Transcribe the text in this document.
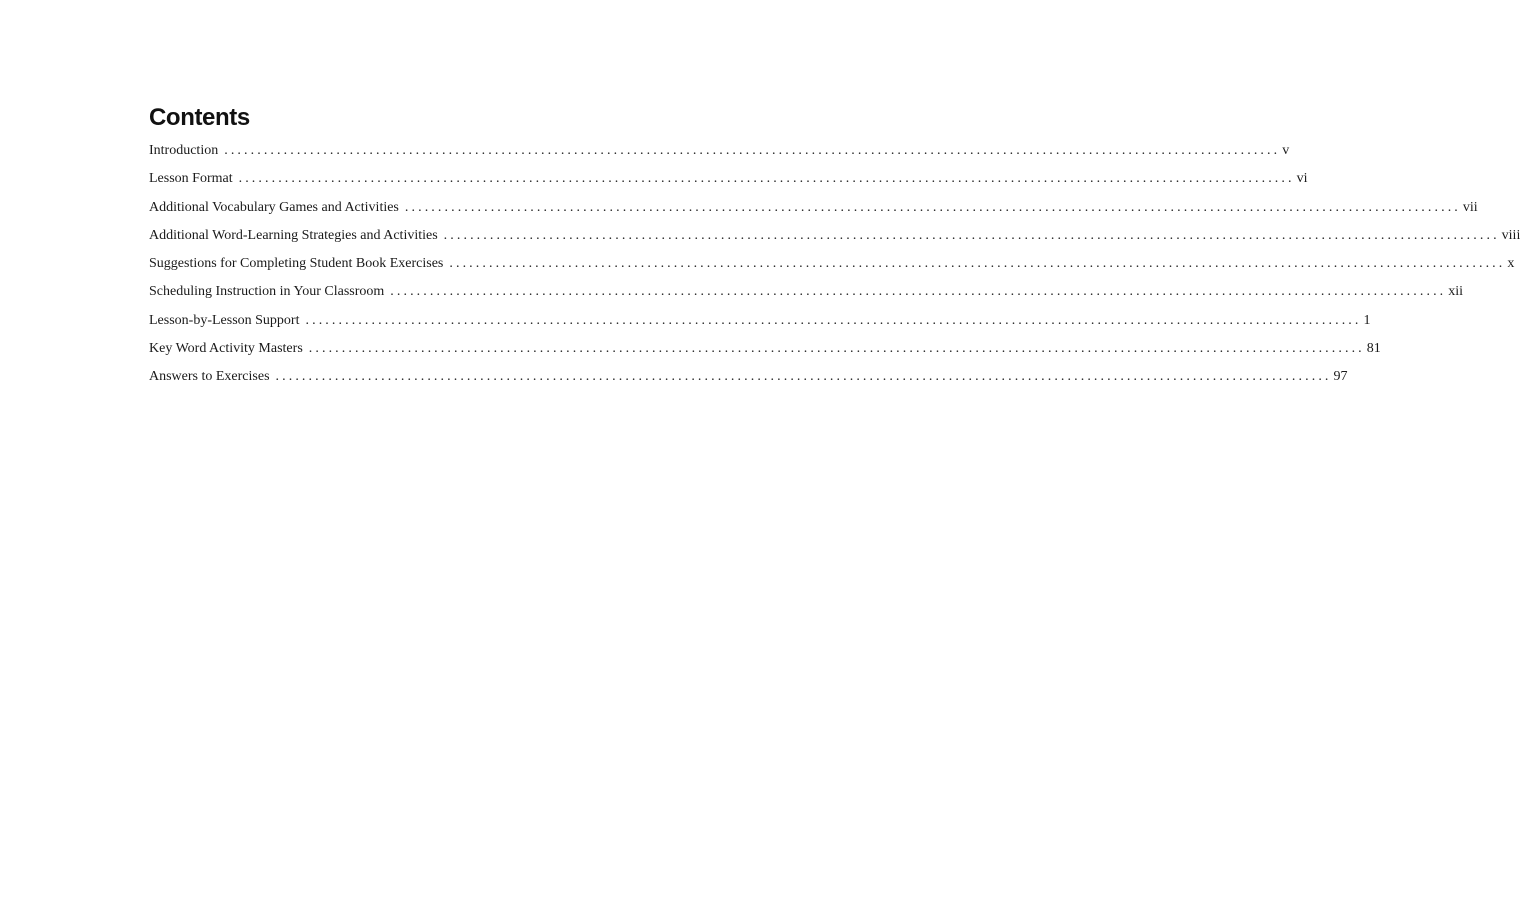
Contents
Introduction ................................................................................................................................................................ v
Lesson Format ................................................................................................................................................................ vi
Additional Vocabulary Games and Activities ................................................................................................................................................................ vii
Additional Word-Learning Strategies and Activities ................................................................................................................................................................ viii
Suggestions for Completing Student Book Exercises ................................................................................................................................................................ x
Scheduling Instruction in Your Classroom ................................................................................................................................................................ xii
Lesson-by-Lesson Support ................................................................................................................................................................ 1
Key Word Activity Masters ................................................................................................................................................................ 81
Answers to Exercises ................................................................................................................................................................ 97
